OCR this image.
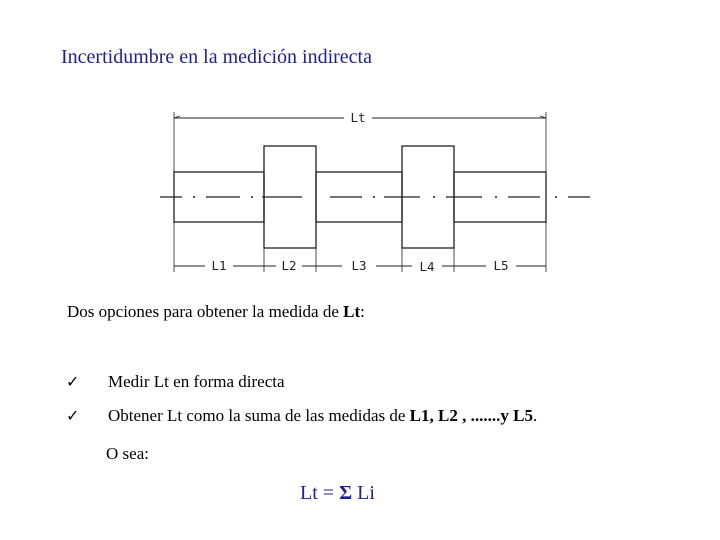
Incertidumbre en la medición indirecta
Lt
L1	L2	L3	L4	L5
Dos opciones para obtener la medida de Lt:
✓ Medir Lt en forma directa
✓ Obtener Lt como la suma de las medidas de L1, L2 , .......y L5.
O sea:
Lt = Σ Li
